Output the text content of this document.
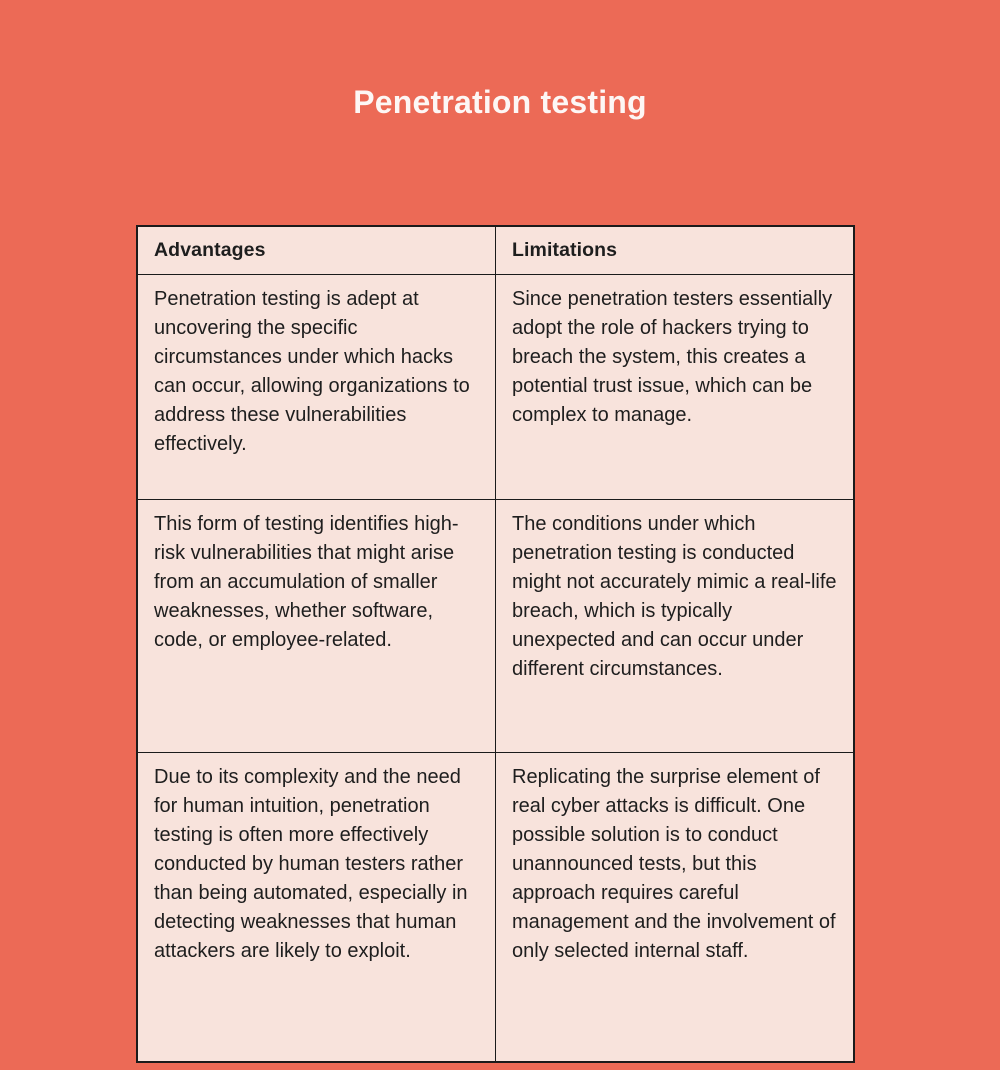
Penetration testing
Advantages	Limitations
Penetration testing is adept at uncovering the specific circumstances under which hacks can occur, allowing organizations to address these vulnerabilities effectively.	Since penetration testers essentially adopt the role of hackers trying to breach the system, this creates a potential trust issue, which can be complex to manage.
This form of testing identifies high-risk vulnerabilities that might arise from an accumulation of smaller weaknesses, whether software, code, or employee-related.	The conditions under which penetration testing is conducted might not accurately mimic a real-life breach, which is typically unexpected and can occur under different circumstances.
Due to its complexity and the need for human intuition, penetration testing is often more effectively conducted by human testers rather than being automated, especially in detecting weaknesses that human attackers are likely to exploit.	Replicating the surprise element of real cyber attacks is difficult. One possible solution is to conduct unannounced tests, but this approach requires careful management and the involvement of only selected internal staff.
